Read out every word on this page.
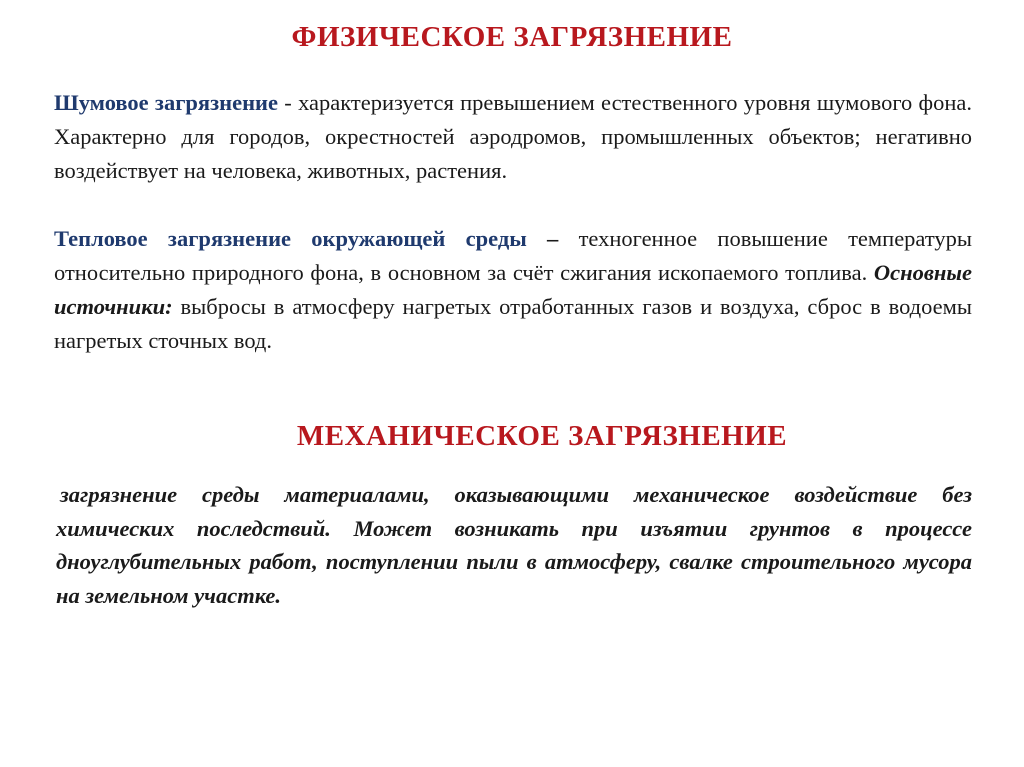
ФИЗИЧЕСКОЕ ЗАГРЯЗНЕНИЕ

Шумовое загрязнение - характеризуется превышением естественного уровня шумового фона. Характерно для городов, окрестностей аэродромов, промышленных объектов; негативно воздействует на человека, животных, растения.

Тепловое загрязнение окружающей среды – техногенное повышение температуры относительно природного фона, в основном за счёт сжигания ископаемого топлива. Основные источники: выбросы в атмосферу нагретых отработанных газов и воздуха, сброс в водоемы нагретых сточных вод.

МЕХАНИЧЕСКОЕ ЗАГРЯЗНЕНИЕ

загрязнение среды материалами, оказывающими механическое воздействие без химических последствий. Может возникать при изъятии грунтов в процессе дноуглубительных работ, поступлении пыли в атмосферу, свалке строительного мусора на земельном участке.
